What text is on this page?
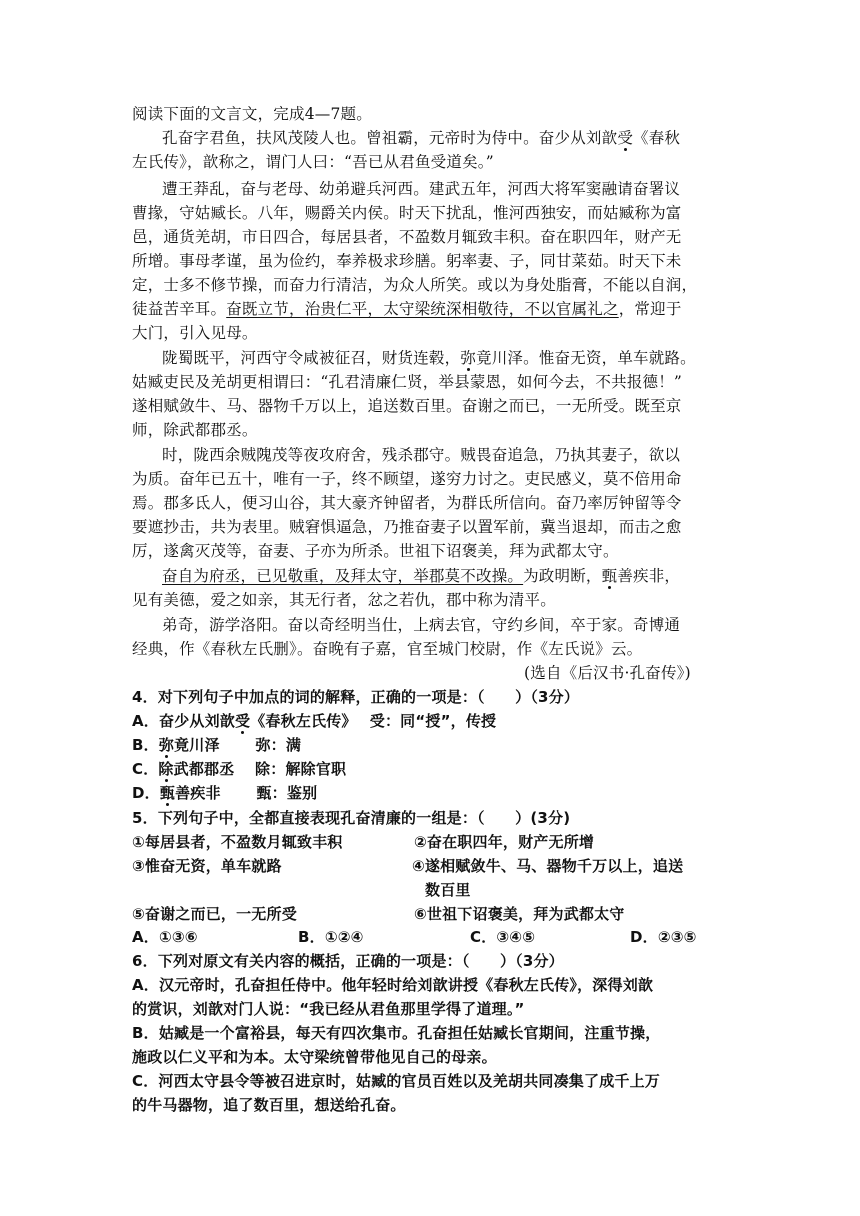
阅读下面的文言文，完成4—7题。
孔奋字君鱼，扶风茂陵人也。曾祖霸，元帝时为侍中。奋少从刘歆受《春秋
左氏传》，歆称之，谓门人曰：“吾已从君鱼受道矣。”
遭王莽乱，奋与老母、幼弟避兵河西。建武五年，河西大将军窦融请奋署议
曹掾，守姑臧长。八年，赐爵关内侯。时天下扰乱，惟河西独安，而姑臧称为富
邑，通货羌胡，市日四合，每居县者，不盈数月辄致丰积。奋在职四年，财产无
所增。事母孝谨，虽为俭约，奉养极求珍膳。躬率妻、子，同甘菜茹。时天下未
定，士多不修节操，而奋力行清洁，为众人所笑。或以为身处脂膏，不能以自润，
徒益苦辛耳。奋既立节，治贵仁平，太守梁统深相敬待，不以官属礼之，常迎于
大门，引入见母。
陇蜀既平，河西守令咸被征召，财货连毂，弥竟川泽。惟奋无资，单车就路。
姑臧吏民及羌胡更相谓曰：“孔君清廉仁贤，举县蒙恩，如何今去，不共报德！”
遂相赋敛牛、马、器物千万以上，追送数百里。奋谢之而已，一无所受。既至京
师，除武都郡丞。
时，陇西余贼隗茂等夜攻府舍，残杀郡守。贼畏奋追急，乃执其妻子，欲以
为质。奋年已五十，唯有一子，终不顾望，遂穷力讨之。吏民感义，莫不倍用命
焉。郡多氐人，便习山谷，其大豪齐钟留者，为群氐所信向。奋乃率厉钟留等令
要遮抄击，共为表里。贼窘惧逼急，乃推奋妻子以置军前，冀当退却，而击之愈
厉，遂禽灭茂等，奋妻、子亦为所杀。世祖下诏褒美，拜为武都太守。
奋自为府丞，已见敬重，及拜太守，举郡莫不改操。为政明断，甄善疾非，
见有美德，爱之如亲，其无行者，忿之若仇，郡中称为清平。
弟奇，游学洛阳。奋以奇经明当仕，上病去官，守约乡间，卒于家。奇博通
经典，作《春秋左氏删》。奋晚有子嘉，官至城门校尉，作《左氏说》云。
(选自《后汉书·孔奋传》)
4．对下列句子中加点的词的解释，正确的一项是：（　　）（3分）
A．奋少从刘歆受《春秋左氏传》　 受：同“授”，传授
B．弥竟川泽　　 弥：满
C．除武都郡丞　 除：解除官职
D．甄善疾非　　 甄：鉴别
5．下列句子中，全都直接表现孔奋清廉的一组是：（　　）(3分)
①每居县者，不盈数月辄致丰积	②奋在职四年，财产无所增
③惟奋无资，单车就路	④遂相赋敛牛、马、器物千万以上，追送
数百里
⑤奋谢之而已，一无所受	⑥世祖下诏褒美，拜为武都太守
A．①③⑥	B．①②④	C．③④⑤	D．②③⑤
6．下列对原文有关内容的概括，正确的一项是：（　　）（3分）
A．汉元帝时，孔奋担任侍中。他年轻时给刘歆讲授《春秋左氏传》，深得刘歆
的赏识，刘歆对门人说：“我已经从君鱼那里学得了道理。”
B．姑臧是一个富裕县，每天有四次集市。孔奋担任姑臧长官期间，注重节操，
施政以仁义平和为本。太守梁统曾带他见自己的母亲。
C．河西太守县令等被召进京时，姑臧的官员百姓以及羌胡共同凑集了成千上万
的牛马器物，追了数百里，想送给孔奋。
